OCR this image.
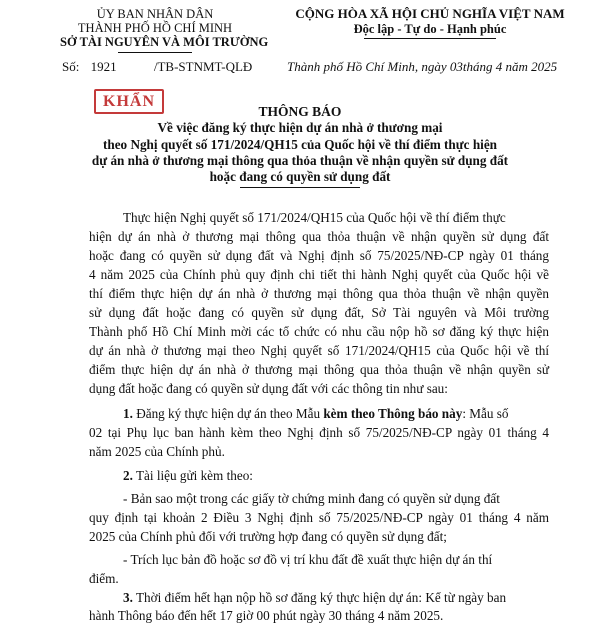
ỦY BAN NHÂN DÂN
THÀNH PHỐ HỒ CHÍ MINH
SỞ TÀI NGUYÊN VÀ MÔI TRƯỜNG
CỘNG HÒA XÃ HỘI CHỦ NGHĨA VIỆT NAM
Độc lập - Tự do - Hạnh phúc
Số: 1921	/TB-STNMT-QLĐ	Thành phố Hồ Chí Minh, ngày 03tháng 4 năm 2025
KHẨN
THÔNG BÁO
Về việc đăng ký thực hiện dự án nhà ở thương mại
theo Nghị quyết số 171/2024/QH15 của Quốc hội về thí điểm thực hiện
dự án nhà ở thương mại thông qua thỏa thuận về nhận quyền sử dụng đất
hoặc đang có quyền sử dụng đất
Thực hiện Nghị quyết số 171/2024/QH15 của Quốc hội về thí điểm thực
hiện dự án nhà ở thương mại thông qua thỏa thuận về nhận quyền sử dụng đất
hoặc đang có quyền sử dụng đất và Nghị định số 75/2025/NĐ-CP ngày 01 tháng
4 năm 2025 của Chính phủ quy định chi tiết thi hành Nghị quyết của Quốc hội về
thí điểm thực hiện dự án nhà ở thương mại thông qua thỏa thuận về nhận quyền
sử dụng đất hoặc đang có quyền sử dụng đất, Sở Tài nguyên và Môi trường
Thành phố Hồ Chí Minh mời các tổ chức có nhu cầu nộp hồ sơ đăng ký thực hiện
dự án nhà ở thương mại theo Nghị quyết số 171/2024/QH15 của Quốc hội về thí
điểm thực hiện dự án nhà ở thương mại thông qua thỏa thuận về nhận quyền sử
dụng đất hoặc đang có quyền sử dụng đất với các thông tin như sau:
1. Đăng ký thực hiện dự án theo Mẫu kèm theo Thông báo này: Mẫu số
02 tại Phụ lục ban hành kèm theo Nghị định số 75/2025/NĐ-CP ngày 01 tháng 4
năm 2025 của Chính phủ.
2. Tài liệu gửi kèm theo:
- Bản sao một trong các giấy tờ chứng minh đang có quyền sử dụng đất
quy định tại khoản 2 Điều 3 Nghị định số 75/2025/NĐ-CP ngày 01 tháng 4 năm
2025 của Chính phủ đối với trường hợp đang có quyền sử dụng đất;
- Trích lục bản đồ hoặc sơ đồ vị trí khu đất đề xuất thực hiện dự án thí
điểm.
3. Thời điểm hết hạn nộp hồ sơ đăng ký thực hiện dự án: Kể từ ngày ban
hành Thông báo đến hết 17 giờ 00 phút ngày 30 tháng 4 năm 2025.
